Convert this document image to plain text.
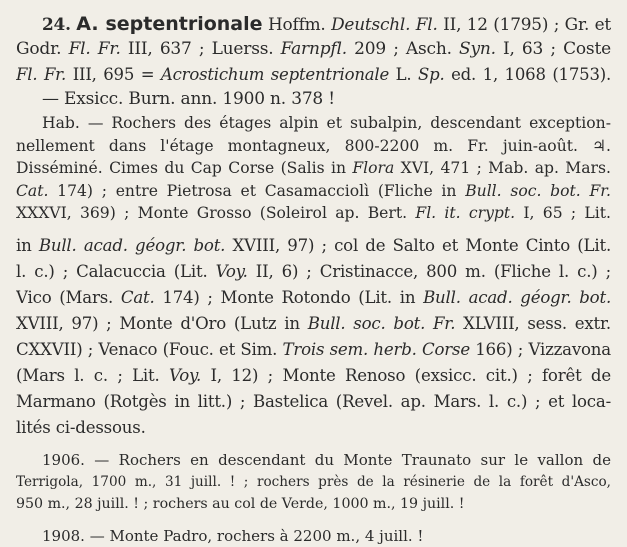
24. A. septentrionale Hoffm. Deutschl. Fl. II, 12 (1795) ; Gr. et
Godr. Fl. Fr. III, 637 ; Luerss. Farnpfl. 209 ; Asch. Syn. I, 63 ; Coste
Fl. Fr. III, 695 = Acrostichum septentrionale L. Sp. ed. 1, 1068 (1753).
— Exsicc. Burn. ann. 1900 n. 378 !
Hab. — Rochers des étages alpin et subalpin, descendant exception-
nellement dans l'étage montagneux, 800-2200 m. Fr. juin-août. ♃.
Disséminé. Cimes du Cap Corse (Salis in Flora XVI, 471 ; Mab. ap. Mars.
Cat. 174) ; entre Pietrosa et Casamacciolì (Fliche in Bull. soc. bot. Fr.
XXXVI, 369) ; Monte Grosso (Soleirol ap. Bert. Fl. it. crypt. I, 65 ; Lit.
in Bull. acad. géogr. bot. XVIII, 97) ; col de Salto et Monte Cinto (Lit.
l. c.) ; Calacuccia (Lit. Voy. II, 6) ; Cristinacce, 800 m. (Fliche l. c.) ;
Vico (Mars. Cat. 174) ; Monte Rotondo (Lit. in Bull. acad. géogr. bot.
XVIII, 97) ; Monte d'Oro (Lutz in Bull. soc. bot. Fr. XLVIII, sess. extr.
CXXVII) ; Venaco (Fouc. et Sim. Trois sem. herb. Corse 166) ; Vizzavona
(Mars l. c. ; Lit. Voy. I, 12) ; Monte Renoso (exsicc. cit.) ; forêt de
Marmano (Rotgès in litt.) ; Bastelica (Revel. ap. Mars. l. c.) ; et loca-
lités ci-dessous.
1906. — Rochers en descendant du Monte Traunato sur le vallon de
Terrigola, 1700 m., 31 juill. ! ; rochers près de la résinerie de la forêt d'Asco,
950 m., 28 juill. ! ; rochers au col de Verde, 1000 m., 19 juill. !
1908. — Monte Padro, rochers à 2200 m., 4 juill. !
